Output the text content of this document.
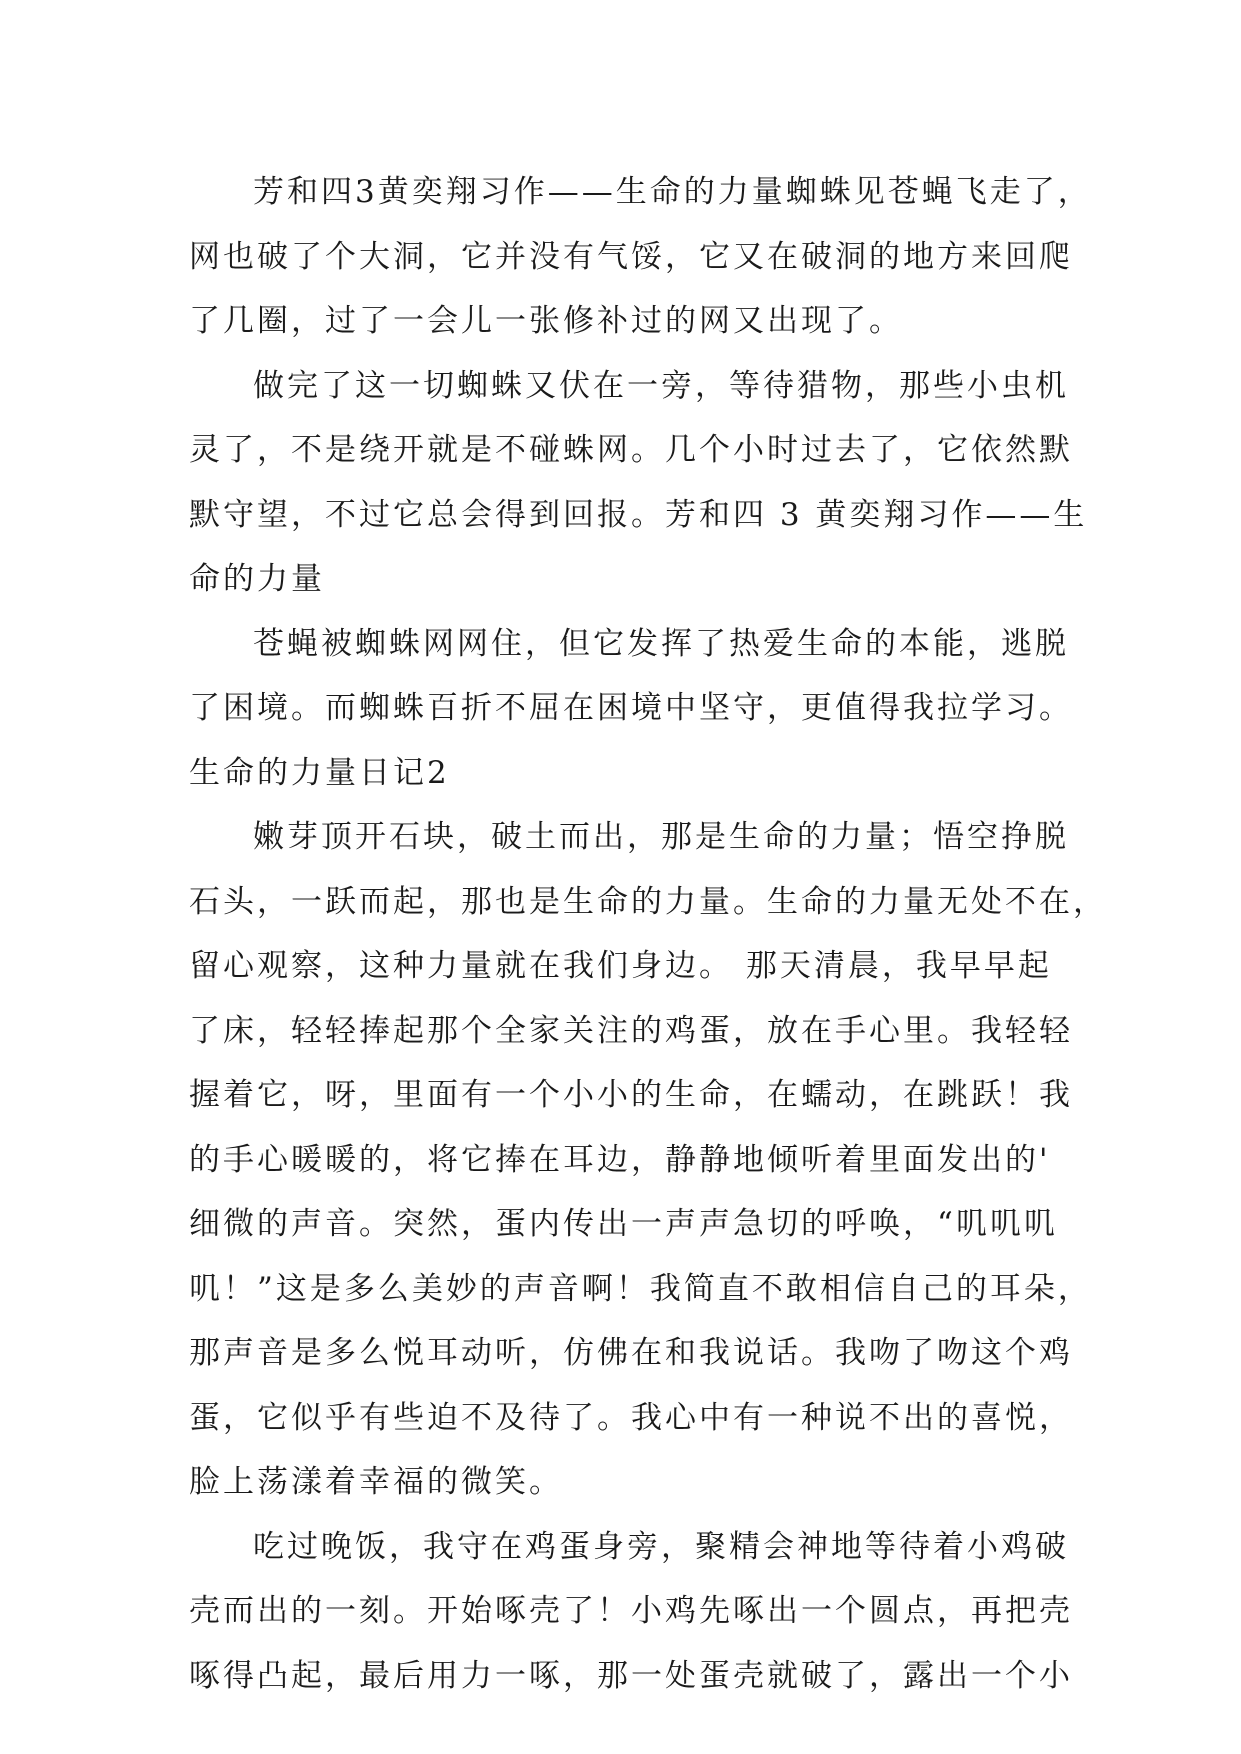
芳和四3黄奕翔习作——生命的力量蜘蛛见苍蝇飞走了，
网也破了个大洞，它并没有气馁，它又在破洞的地方来回爬
了几圈，过了一会儿一张修补过的网又出现了。
做完了这一切蜘蛛又伏在一旁，等待猎物，那些小虫机
灵了，不是绕开就是不碰蛛网。几个小时过去了，它依然默
默守望，不过它总会得到回报。芳和四 3 黄奕翔习作——生
命的力量
苍蝇被蜘蛛网网住，但它发挥了热爱生命的本能，逃脱
了困境。而蜘蛛百折不屈在困境中坚守，更值得我拉学习。
生命的力量日记2
嫩芽顶开石块，破土而出，那是生命的力量；悟空挣脱
石头，一跃而起，那也是生命的力量。生命的力量无处不在，
留心观察，这种力量就在我们身边。 那天清晨，我早早起
了床，轻轻捧起那个全家关注的鸡蛋，放在手心里。我轻轻
握着它，呀，里面有一个小小的生命，在蠕动，在跳跃！我
的手心暖暖的，将它捧在耳边，静静地倾听着里面发出的'
细微的声音。突然，蛋内传出一声声急切的呼唤，“叽叽叽
叽！”这是多么美妙的声音啊！我简直不敢相信自己的耳朵，
那声音是多么悦耳动听，仿佛在和我说话。我吻了吻这个鸡
蛋，它似乎有些迫不及待了。我心中有一种说不出的喜悦，
脸上荡漾着幸福的微笑。
吃过晚饭，我守在鸡蛋身旁，聚精会神地等待着小鸡破
壳而出的一刻。开始啄壳了！小鸡先啄出一个圆点，再把壳
啄得凸起，最后用力一啄，那一处蛋壳就破了，露出一个小
